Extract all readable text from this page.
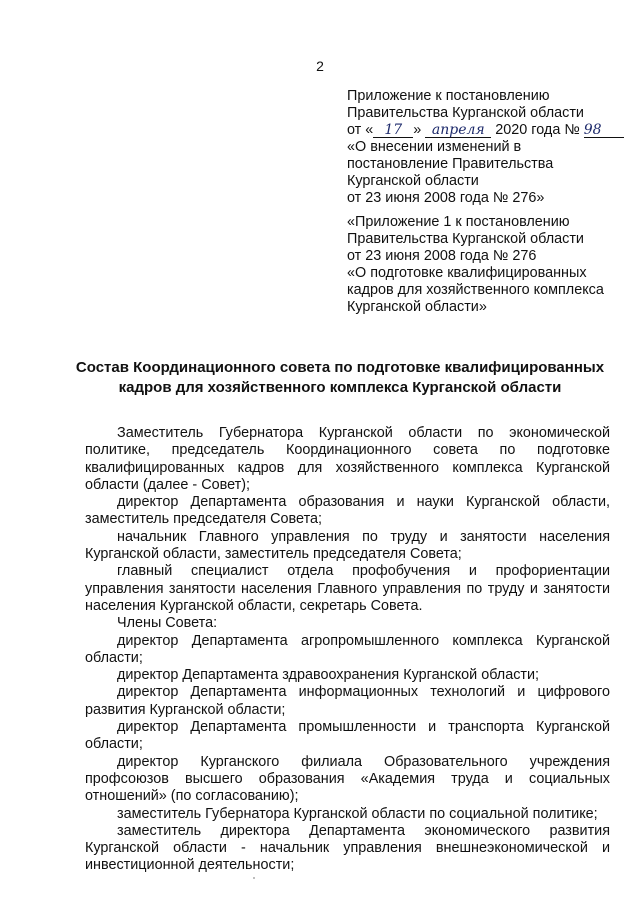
2
Приложение к постановлению
Правительства Курганской области
от « 17 » апреля 2020 года № 98
«О внесении изменений в
постановление Правительства
Курганской области
от 23 июня 2008 года № 276»
«Приложение 1 к постановлению
Правительства Курганской области
от 23 июня 2008 года № 276
«О подготовке квалифицированных
кадров для хозяйственного комплекса
Курганской области»
Состав Координационного совета по подготовке квалифицированных
кадров для хозяйственного комплекса Курганской области

Заместитель Губернатора Курганской области по экономической политике, председатель Координационного совета по подготовке квалифицированных кадров для хозяйственного комплекса Курганской области (далее - Совет);

директор Департамента образования и науки Курганской области, заместитель председателя Совета;

начальник Главного управления по труду и занятости населения Курганской области, заместитель председателя Совета;

главный специалист отдела профобучения и профориентации управления занятости населения Главного управления по труду и занятости населения Курганской области, секретарь Совета.

Члены Совета:

директор Департамента агропромышленного комплекса Курганской области;

директор Департамента здравоохранения Курганской области;

директор Департамента информационных технологий и цифрового развития Курганской области;

директор Департамента промышленности и транспорта Курганской области;

директор Курганского филиала Образовательного учреждения профсоюзов высшего образования «Академия труда и социальных отношений» (по согласованию);

заместитель Губернатора Курганской области по социальной политике;

заместитель директора Департамента экономического развития Курганской области - начальник управления внешнеэкономической и инвестиционной деятельности;
